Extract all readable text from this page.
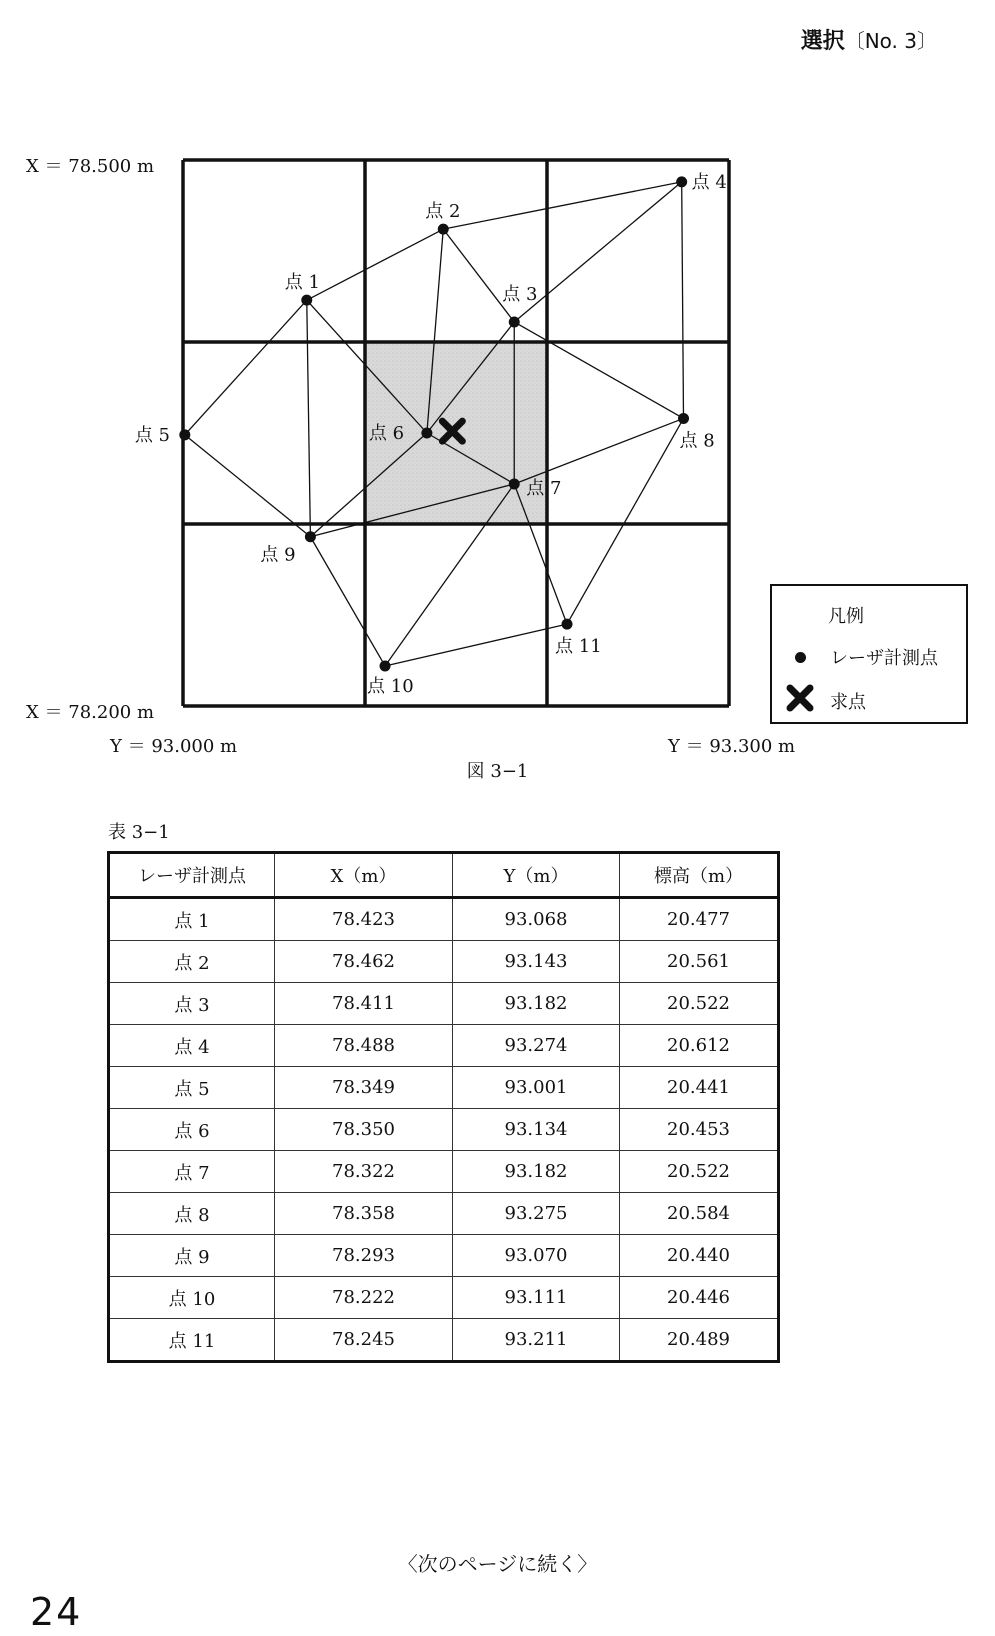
選択〔No. 3〕
点 1
点 2
点 3
点 4
点 5	点 6
点 7
点 8
点 9
点 10
点 11
X ＝ 78.500 m
X ＝ 78.200 m
Y ＝ 93.000 m	Y ＝ 93.300 m
凡例
レーザ計測点
求点
図 3−1
表 3−1
レーザ計測点	X（m）	Y（m）	標高（m）
点 1	78.423	93.068	20.477
点 2	78.462	93.143	20.561
点 3	78.411	93.182	20.522
点 4	78.488	93.274	20.612
点 5	78.349	93.001	20.441
点 6	78.350	93.134	20.453
点 7	78.322	93.182	20.522
点 8	78.358	93.275	20.584
点 9	78.293	93.070	20.440
点 10	78.222	93.111	20.446
点 11	78.245	93.211	20.489
〈次のページに続く〉
24
